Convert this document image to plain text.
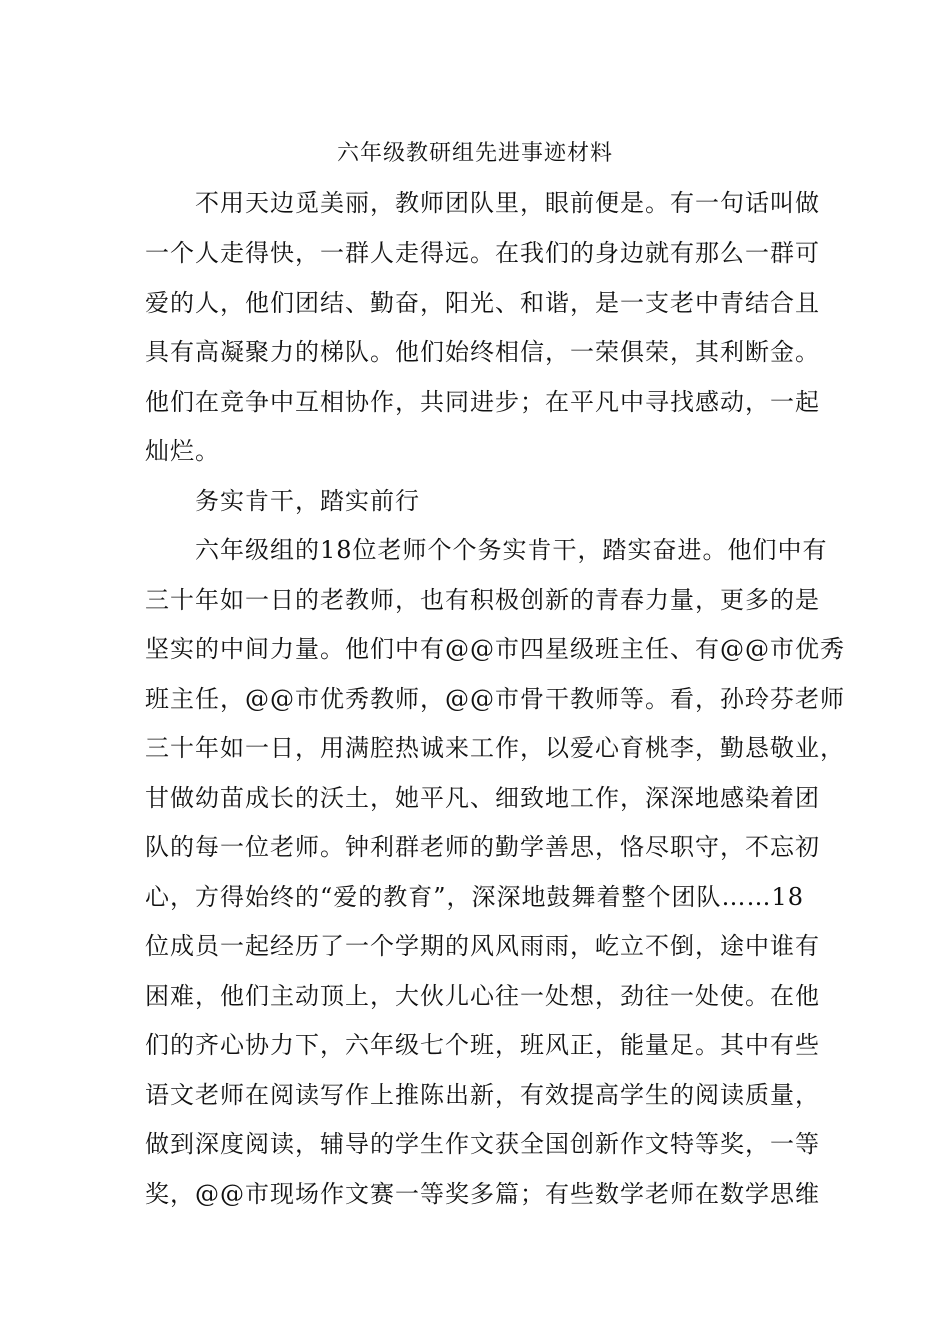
六年级教研组先进事迹材料

　　不用天边觅美丽，教师团队里，眼前便是。有一句话叫做

一个人走得快，一群人走得远。在我们的身边就有那么一群可

爱的人，他们团结、勤奋，阳光、和谐，是一支老中青结合且

具有高凝聚力的梯队。他们始终相信，一荣俱荣，其利断金。

他们在竞争中互相协作，共同进步；在平凡中寻找感动，一起

灿烂。

　　务实肯干，踏实前行

　　六年级组的18位老师个个务实肯干，踏实奋进。他们中有

三十年如一日的老教师，也有积极创新的青春力量，更多的是

坚实的中间力量。他们中有@@市四星级班主任、有@@市优秀

班主任，@@市优秀教师，@@市骨干教师等。看，孙玲芬老师

三十年如一日，用满腔热诚来工作，以爱心育桃李，勤恳敬业，

甘做幼苗成长的沃土，她平凡、细致地工作，深深地感染着团

队的每一位老师。钟利群老师的勤学善思，恪尽职守，不忘初

心，方得始终的“爱的教育”，深深地鼓舞着整个团队……18

位成员一起经历了一个学期的风风雨雨，屹立不倒，途中谁有

困难，他们主动顶上，大伙儿心往一处想，劲往一处使。在他

们的齐心协力下，六年级七个班，班风正，能量足。其中有些

语文老师在阅读写作上推陈出新，有效提高学生的阅读质量，

做到深度阅读，辅导的学生作文获全国创新作文特等奖，一等

奖，@@市现场作文赛一等奖多篇；有些数学老师在数学思维
